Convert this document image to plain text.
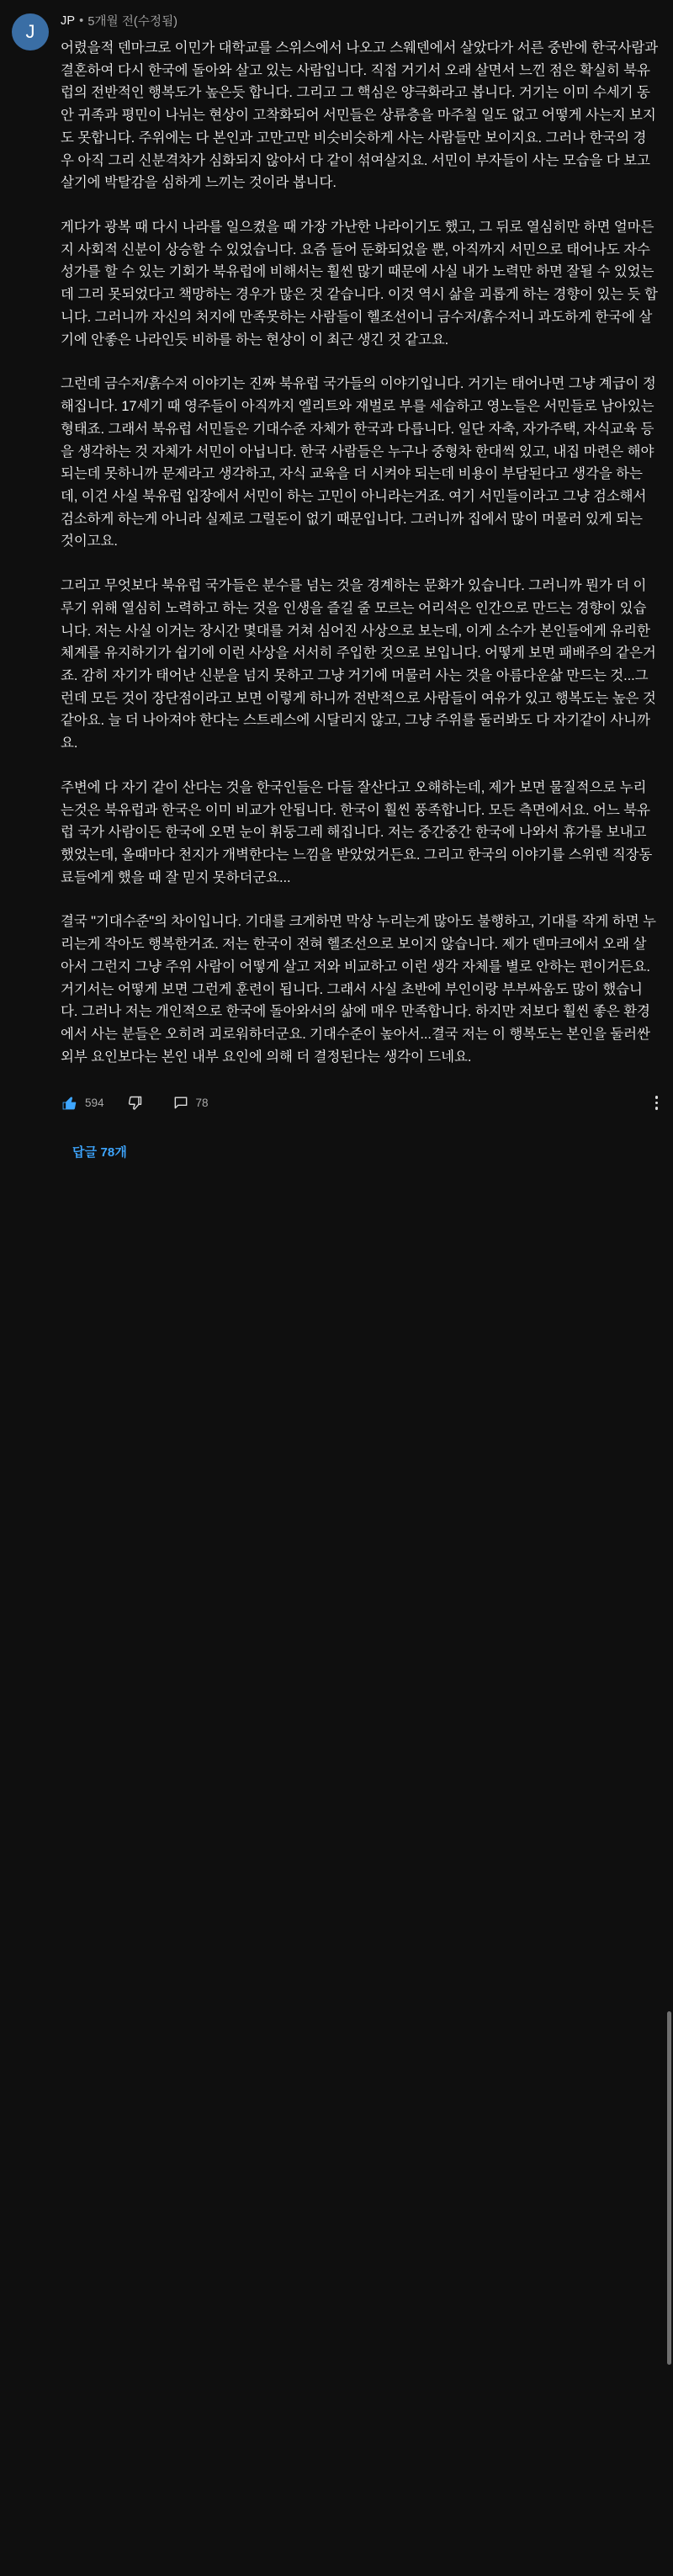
J
JP • 5개월 전(수정됨)

어렸을적 덴마크로 이민가 대학교를 스위스에서 나오고 스웨덴에서 살았다가 서른 중반에 한국사람과 결혼하여 다시 한국에 돌아와 살고 있는 사람입니다. 직접 거기서 오래 살면서 느낀 점은 확실히 북유럽의 전반적인 행복도가 높은듯 합니다. 그리고 그 핵심은 양극화라고 봅니다. 거기는 이미 수세기 동안 귀족과 평민이 나뉘는 현상이 고착화되어 서민들은 상류층을 마주칠 일도 없고 어떻게 사는지 보지도 못합니다. 주위에는 다 본인과 고만고만 비슷비슷하게 사는 사람들만 보이지요. 그러나 한국의 경우 아직 그리 신분격차가 심화되지 않아서 다 같이 섞여살지요. 서민이 부자들이 사는 모습을 다 보고 살기에 박탈감을 심하게 느끼는 것이라 봅니다.

게다가 광복 때 다시 나라를 일으켰을 때 가장 가난한 나라이기도 했고, 그 뒤로 열심히만 하면 얼마든지 사회적 신분이 상승할 수 있었습니다. 요즘 들어 둔화되었을 뿐, 아직까지 서민으로 태어나도 자수성가를 할 수 있는 기회가 북유럽에 비해서는 훨씬 많기 때문에 사실 내가 노력만 하면 잘될 수 있었는데 그리 못되었다고 책망하는 경우가 많은 것 같습니다. 이것 역시 삶을 괴롭게 하는 경향이 있는 듯 합니다. 그러니까 자신의 처지에 만족못하는 사람들이 헬조선이니 금수저/흙수저니 과도하게 한국에 살기에 안좋은 나라인듯 비하를 하는 현상이 이 최근 생긴 것 같고요.

그런데 금수저/흙수저 이야기는 진짜 북유럽 국가들의 이야기입니다. 거기는 태어나면 그냥 계급이 정해집니다. 17세기 때 영주들이 아직까지 엘리트와 재벌로 부를 세습하고 영노들은 서민들로 남아있는 형태죠. 그래서 북유럽 서민들은 기대수준 자체가 한국과 다릅니다. 일단 자축, 자가주택, 자식교육 등을 생각하는 것 자체가 서민이 아닙니다. 한국 사람들은 누구나 중형차 한대씩 있고, 내집 마련은 해야되는데 못하니까 문제라고 생각하고, 자식 교육을 더 시켜야 되는데 비용이 부담된다고 생각을 하는데, 이건 사실 북유럽 입장에서 서민이 하는 고민이 아니라는거죠. 여기 서민들이라고 그냥 검소해서 검소하게 하는게 아니라 실제로 그럴돈이 없기 때문입니다. 그러니까 집에서 많이 머물러 있게 되는 것이고요.

그리고 무엇보다 북유럽 국가들은 분수를 넘는 것을 경계하는 문화가 있습니다. 그러니까 뭔가 더 이루기 위해 열심히 노력하고 하는 것을 인생을 즐길 줄 모르는 어리석은 인간으로 만드는 경향이 있습니다. 저는 사실 이거는 장시간 몇대를 거쳐 심어진 사상으로 보는데, 이게 소수가 본인들에게 유리한 체계를 유지하기가 쉽기에 이런 사상을 서서히 주입한 것으로 보입니다. 어떻게 보면 패배주의 같은거죠. 감히 자기가 태어난 신분을 넘지 못하고 그냥 거기에 머물러 사는 것을 아름다운삶 만드는 것...그런데 모든 것이 장단점이라고 보면 이렇게 하니까 전반적으로 사람들이 여유가 있고 행복도는 높은 것 같아요. 늘 더 나아져야 한다는 스트레스에 시달리지 않고, 그냥 주위를 둘러봐도 다 자기같이 사니까요.

주변에 다 자기 같이 산다는 것을 한국인들은 다들 잘산다고 오해하는데, 제가 보면 물질적으로 누리는것은 북유럽과 한국은 이미 비교가 안됩니다. 한국이 훨씬 풍족합니다. 모든 측면에서요. 어느 북유럽 국가 사람이든 한국에 오면 눈이 휘둥그레 해집니다. 저는 중간중간 한국에 나와서 휴가를 보내고 했었는데, 올때마다 천지가 개벽한다는 느낌을 받았었거든요. 그리고 한국의 이야기를 스위덴 직장동료들에게 했을 때 잘 믿지 못하더군요...

결국 "기대수준"의 차이입니다. 기대를 크게하면 막상 누리는게 많아도 불행하고, 기대를 작게 하면 누리는게 작아도 행복한거죠. 저는 한국이 전혀 헬조선으로 보이지 않습니다. 제가 덴마크에서 오래 살아서 그런지 그냥 주위 사람이 어떻게 살고 저와 비교하고 이런 생각 자체를 별로 안하는 편이거든요. 거기서는 어떻게 보면 그런게 훈련이 됩니다. 그래서 사실 초반에 부인이랑 부부싸움도 많이 했습니다. 그러나 저는 개인적으로 한국에 돌아와서의 삶에 매우 만족합니다. 하지만 저보다 훨씬 좋은 환경에서 사는 분들은 오히려 괴로워하더군요. 기대수준이 높아서...결국 저는 이 행복도는 본인을 둘러싼 외부 요인보다는 본인 내부 요인에 의해 더 결정된다는 생각이 드네요.

594	78
답글 78개
